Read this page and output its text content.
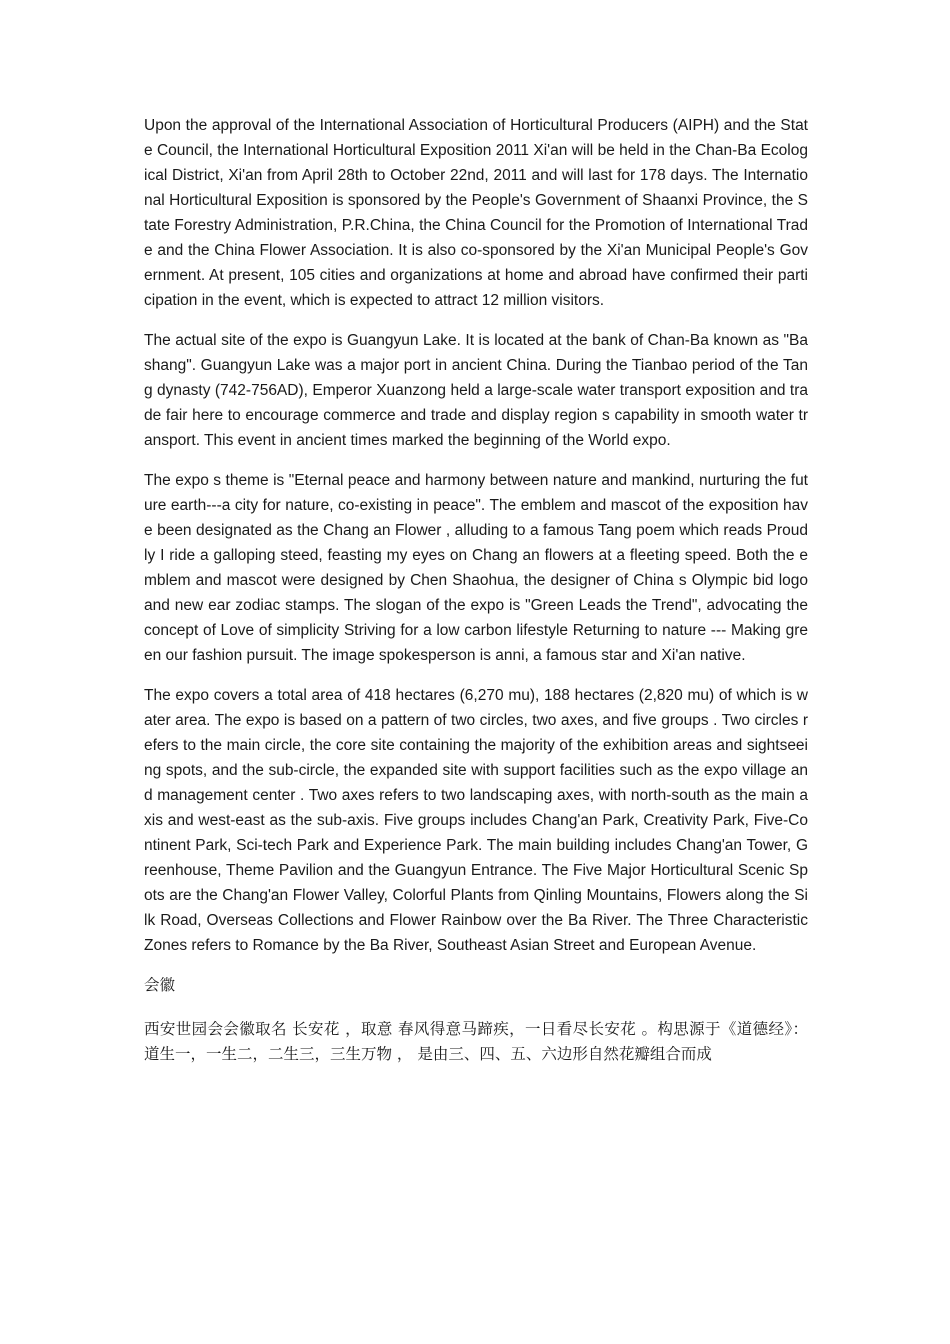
Upon the approval of the International Association of Horticultural Producers (AIPH) and the State Council, the International Horticultural Exposition 2011 Xi'an will be held in the Chan-Ba Ecological District, Xi'an from April 28th to October 22nd, 2011 and will last for 178 days. The International Horticultural Exposition is sponsored by the People's Government of Shaanxi Province, the State Forestry Administration, P.R.China, the China Council for the Promotion of International Trade and the China Flower Association. It is also co-sponsored by the Xi'an Municipal People's Government. At present, 105 cities and organizations at home and abroad have confirmed their participation in the event, which is expected to attract 12 million visitors.

The actual site of the expo is Guangyun Lake. It is located at the bank of Chan-Ba known as "Bashang". Guangyun Lake was a major port in ancient China. During the Tianbao period of the Tang dynasty (742-756AD), Emperor Xuanzong held a large-scale water transport exposition and trade fair here to encourage commerce and trade and display region s capability in smooth water transport. This event in ancient times marked the beginning of the World expo.

The expo s theme is "Eternal peace and harmony between nature and mankind, nurturing the future earth---a city for nature, co-existing in peace". The emblem and mascot of the exposition have been designated as the Chang an Flower , alluding to a famous Tang poem which reads Proudly I ride a galloping steed, feasting my eyes on Chang an flowers at a fleeting speed. Both the emblem and mascot were designed by Chen Shaohua, the designer of China s Olympic bid logo and new ear zodiac stamps. The slogan of the expo is "Green Leads the Trend", advocating the concept of Love of simplicity Striving for a low carbon lifestyle Returning to nature --- Making green our fashion pursuit. The image spokesperson is anni, a famous star and Xi'an native.

The expo covers a total area of 418 hectares (6,270 mu), 188 hectares (2,820 mu) of which is water area. The expo is based on a pattern of two circles, two axes, and five groups . Two circles refers to the main circle, the core site containing the majority of the exhibition areas and sightseeing spots, and the sub-circle, the expanded site with support facilities such as the expo village and management center . Two axes refers to two landscaping axes, with north-south as the main axis and west-east as the sub-axis. Five groups includes Chang'an Park, Creativity Park, Five-Continent Park, Sci-tech Park and Experience Park. The main building includes Chang'an Tower, Greenhouse, Theme Pavilion and the Guangyun Entrance. The Five Major Horticultural Scenic Spots are the Chang'an Flower Valley, Colorful Plants from Qinling Mountains, Flowers along the Silk Road, Overseas Collections and Flower Rainbow over the Ba River. The Three Characteristic Zones refers to Romance by the Ba River, Southeast Asian Street and European Avenue.

会徽

西安世园会会徽取名 长安花 ，取意 春风得意马蹄疾，一日看尽长安花 。构思源于《道德经》： 道生一，一生二，二生三，三生万物 ， 是由三、四、五、六边形自然花瓣组合而成
